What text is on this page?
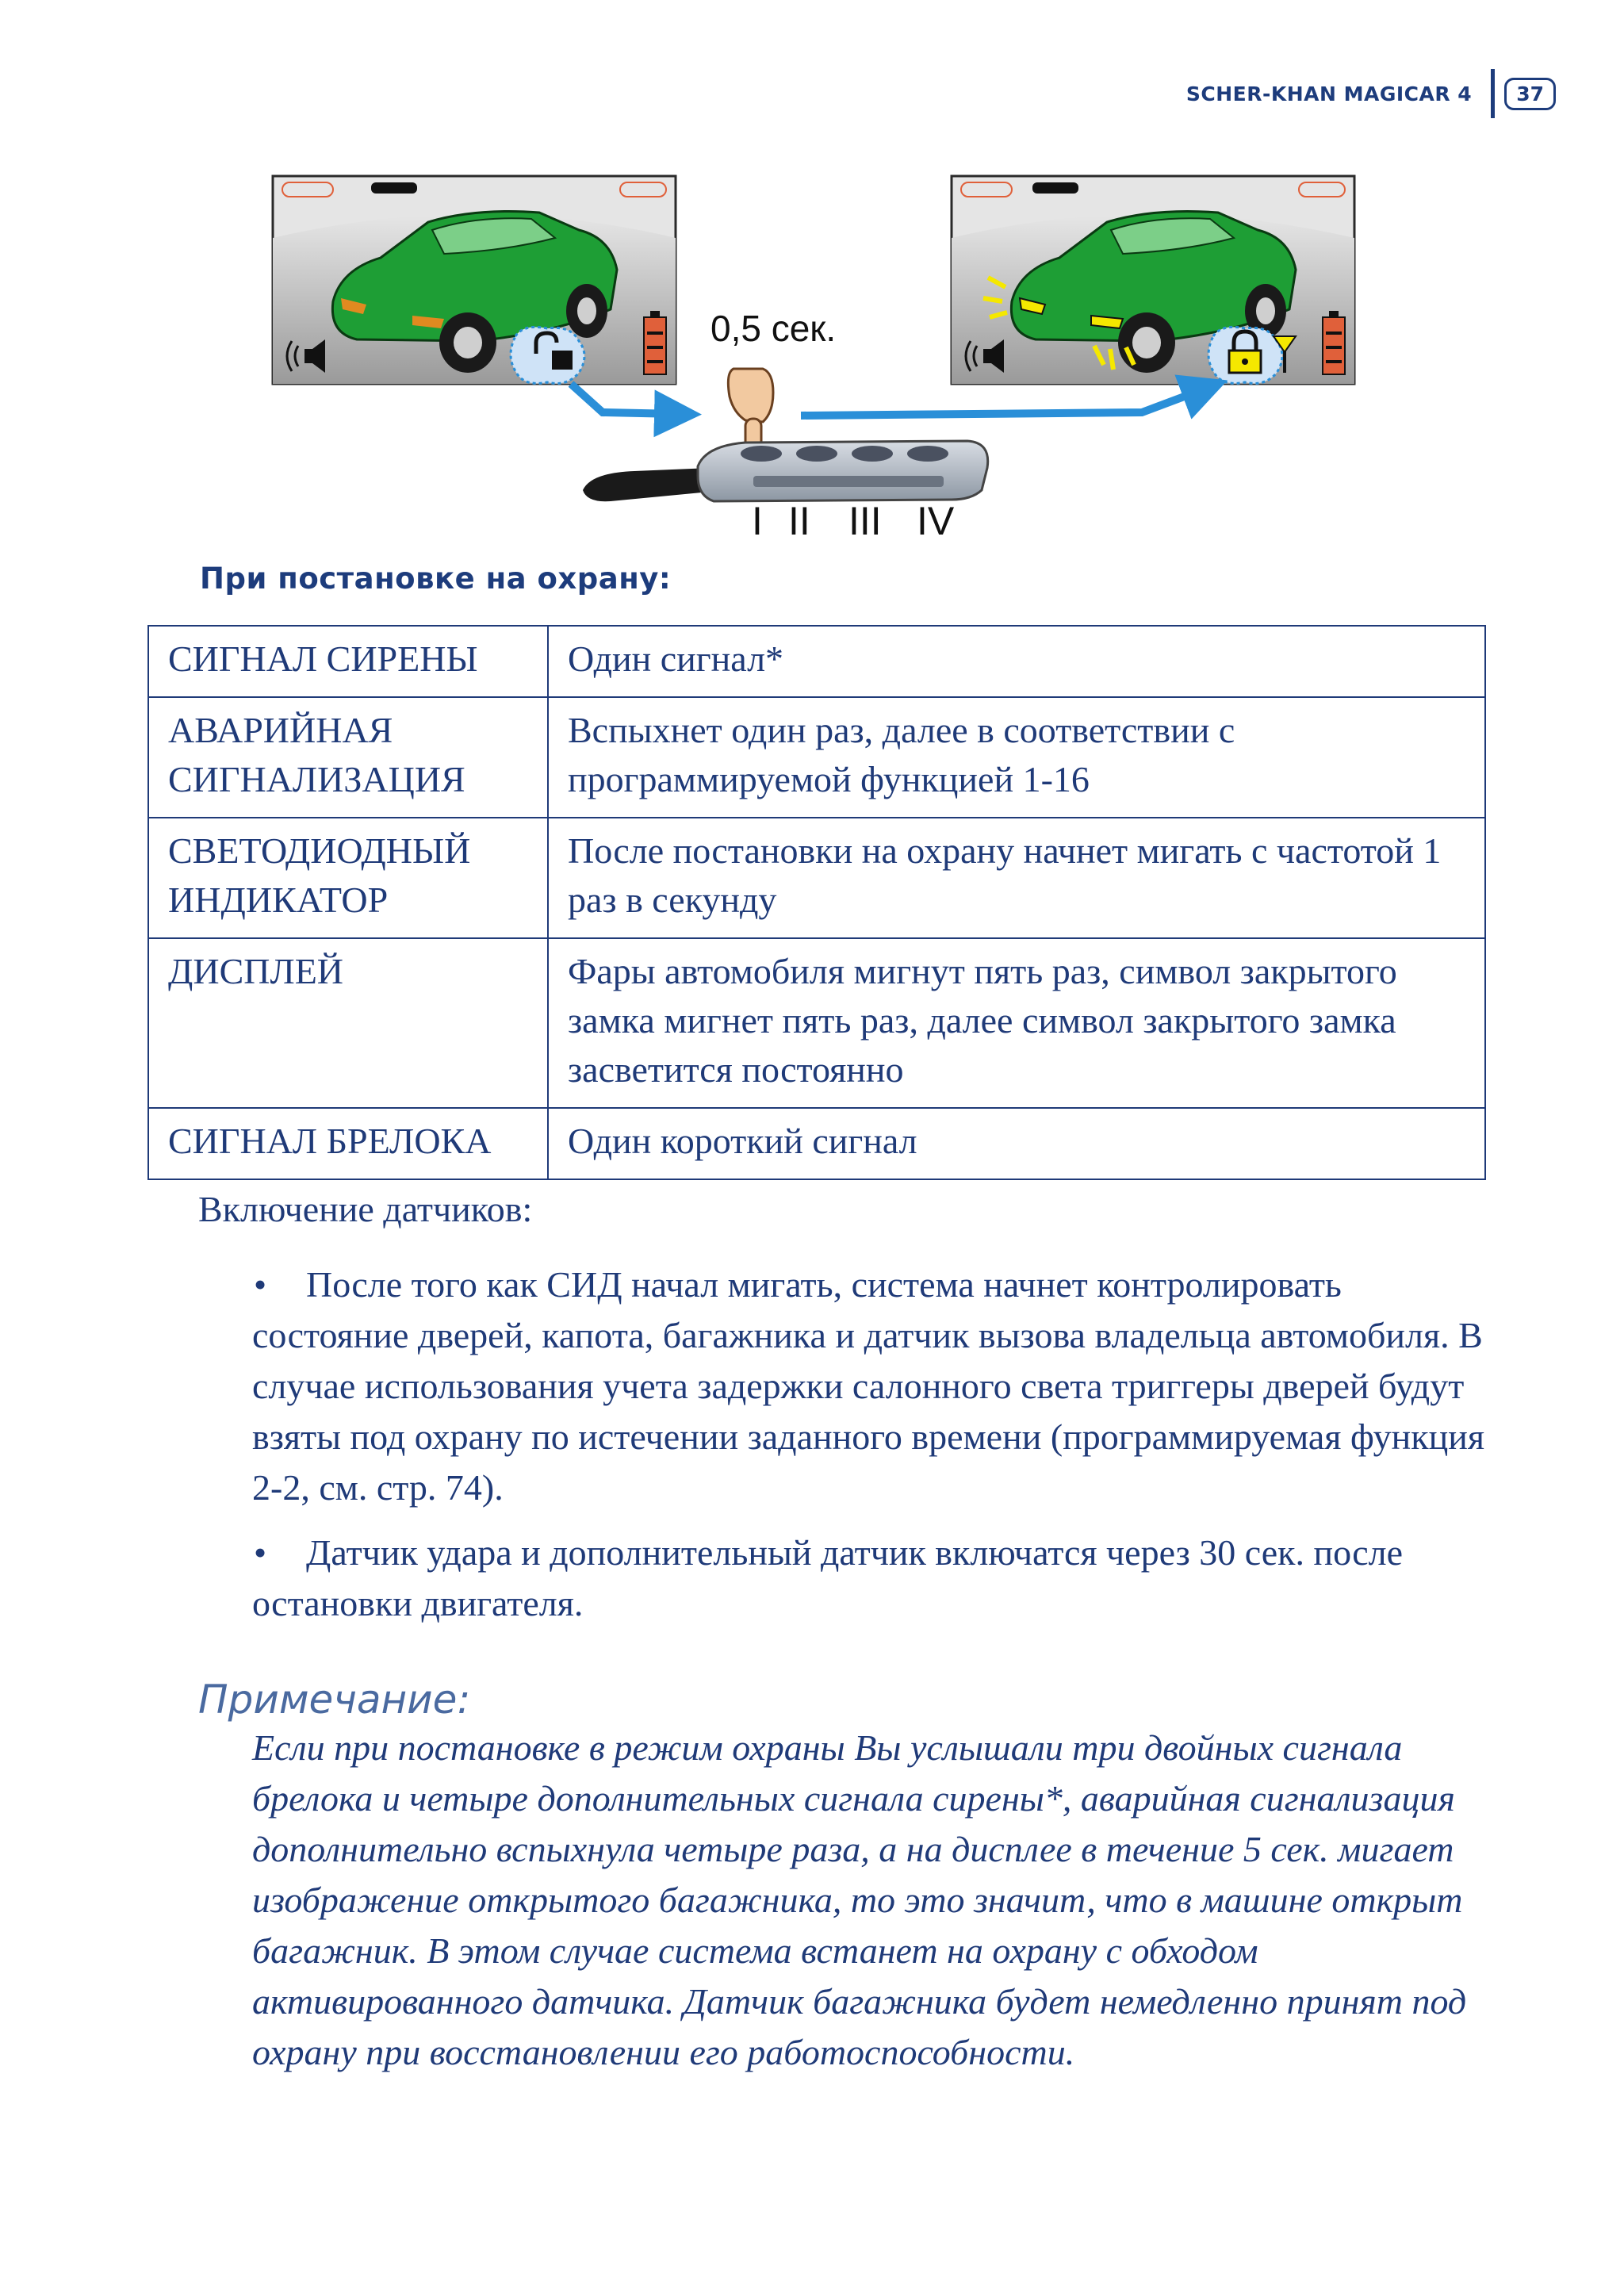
SCHER-KHAN MAGICAR 4	37
0,5 сек.
I II III IV
При постановке на охрану:
СИГНАЛ СИРЕНЫ	Один сигнал*
АВАРИЙНАЯ СИГНАЛИЗАЦИЯ	Вспыхнет один раз, далее в соответствии с программируемой функцией 1-16
СВЕТОДИОДНЫЙ ИНДИКАТОР	После постановки на охрану начнет мигать с частотой 1 раз в секунду
ДИСПЛЕЙ	Фары автомобиля мигнут пять раз, символ закрытого замка мигнет пять раз, далее символ закрытого замка засветится постоянно
СИГНАЛ БРЕЛОКА	Один короткий сигнал

Включение датчиков:

• После того как СИД начал мигать, система начнет контролировать состояние дверей, капота, багажника и датчик вызова владельца автомобиля. В случае использования учета задержки салонного света триггеры дверей будут взяты под охрану по истечении заданного времени (программируемая функция 2-2, см. стр. 74).
• Датчик удара и дополнительный датчик включатся через 30 сек. после остановки двигателя.
Примечание:

Если при постановке в режим охраны Вы услышали три двойных сигнала брелока и четыре дополнительных сигнала сирены*, аварийная сигнализация дополнительно вспыхнула четыре раза, а на дисплее в течение 5 сек. мигает изображение открытого багажника, то это значит, что в машине открыт багажник. В этом случае система встанет на охрану с обходом активированного датчика. Датчик багажника будет немедленно принят под охрану при восстановлении его работоспособности.
